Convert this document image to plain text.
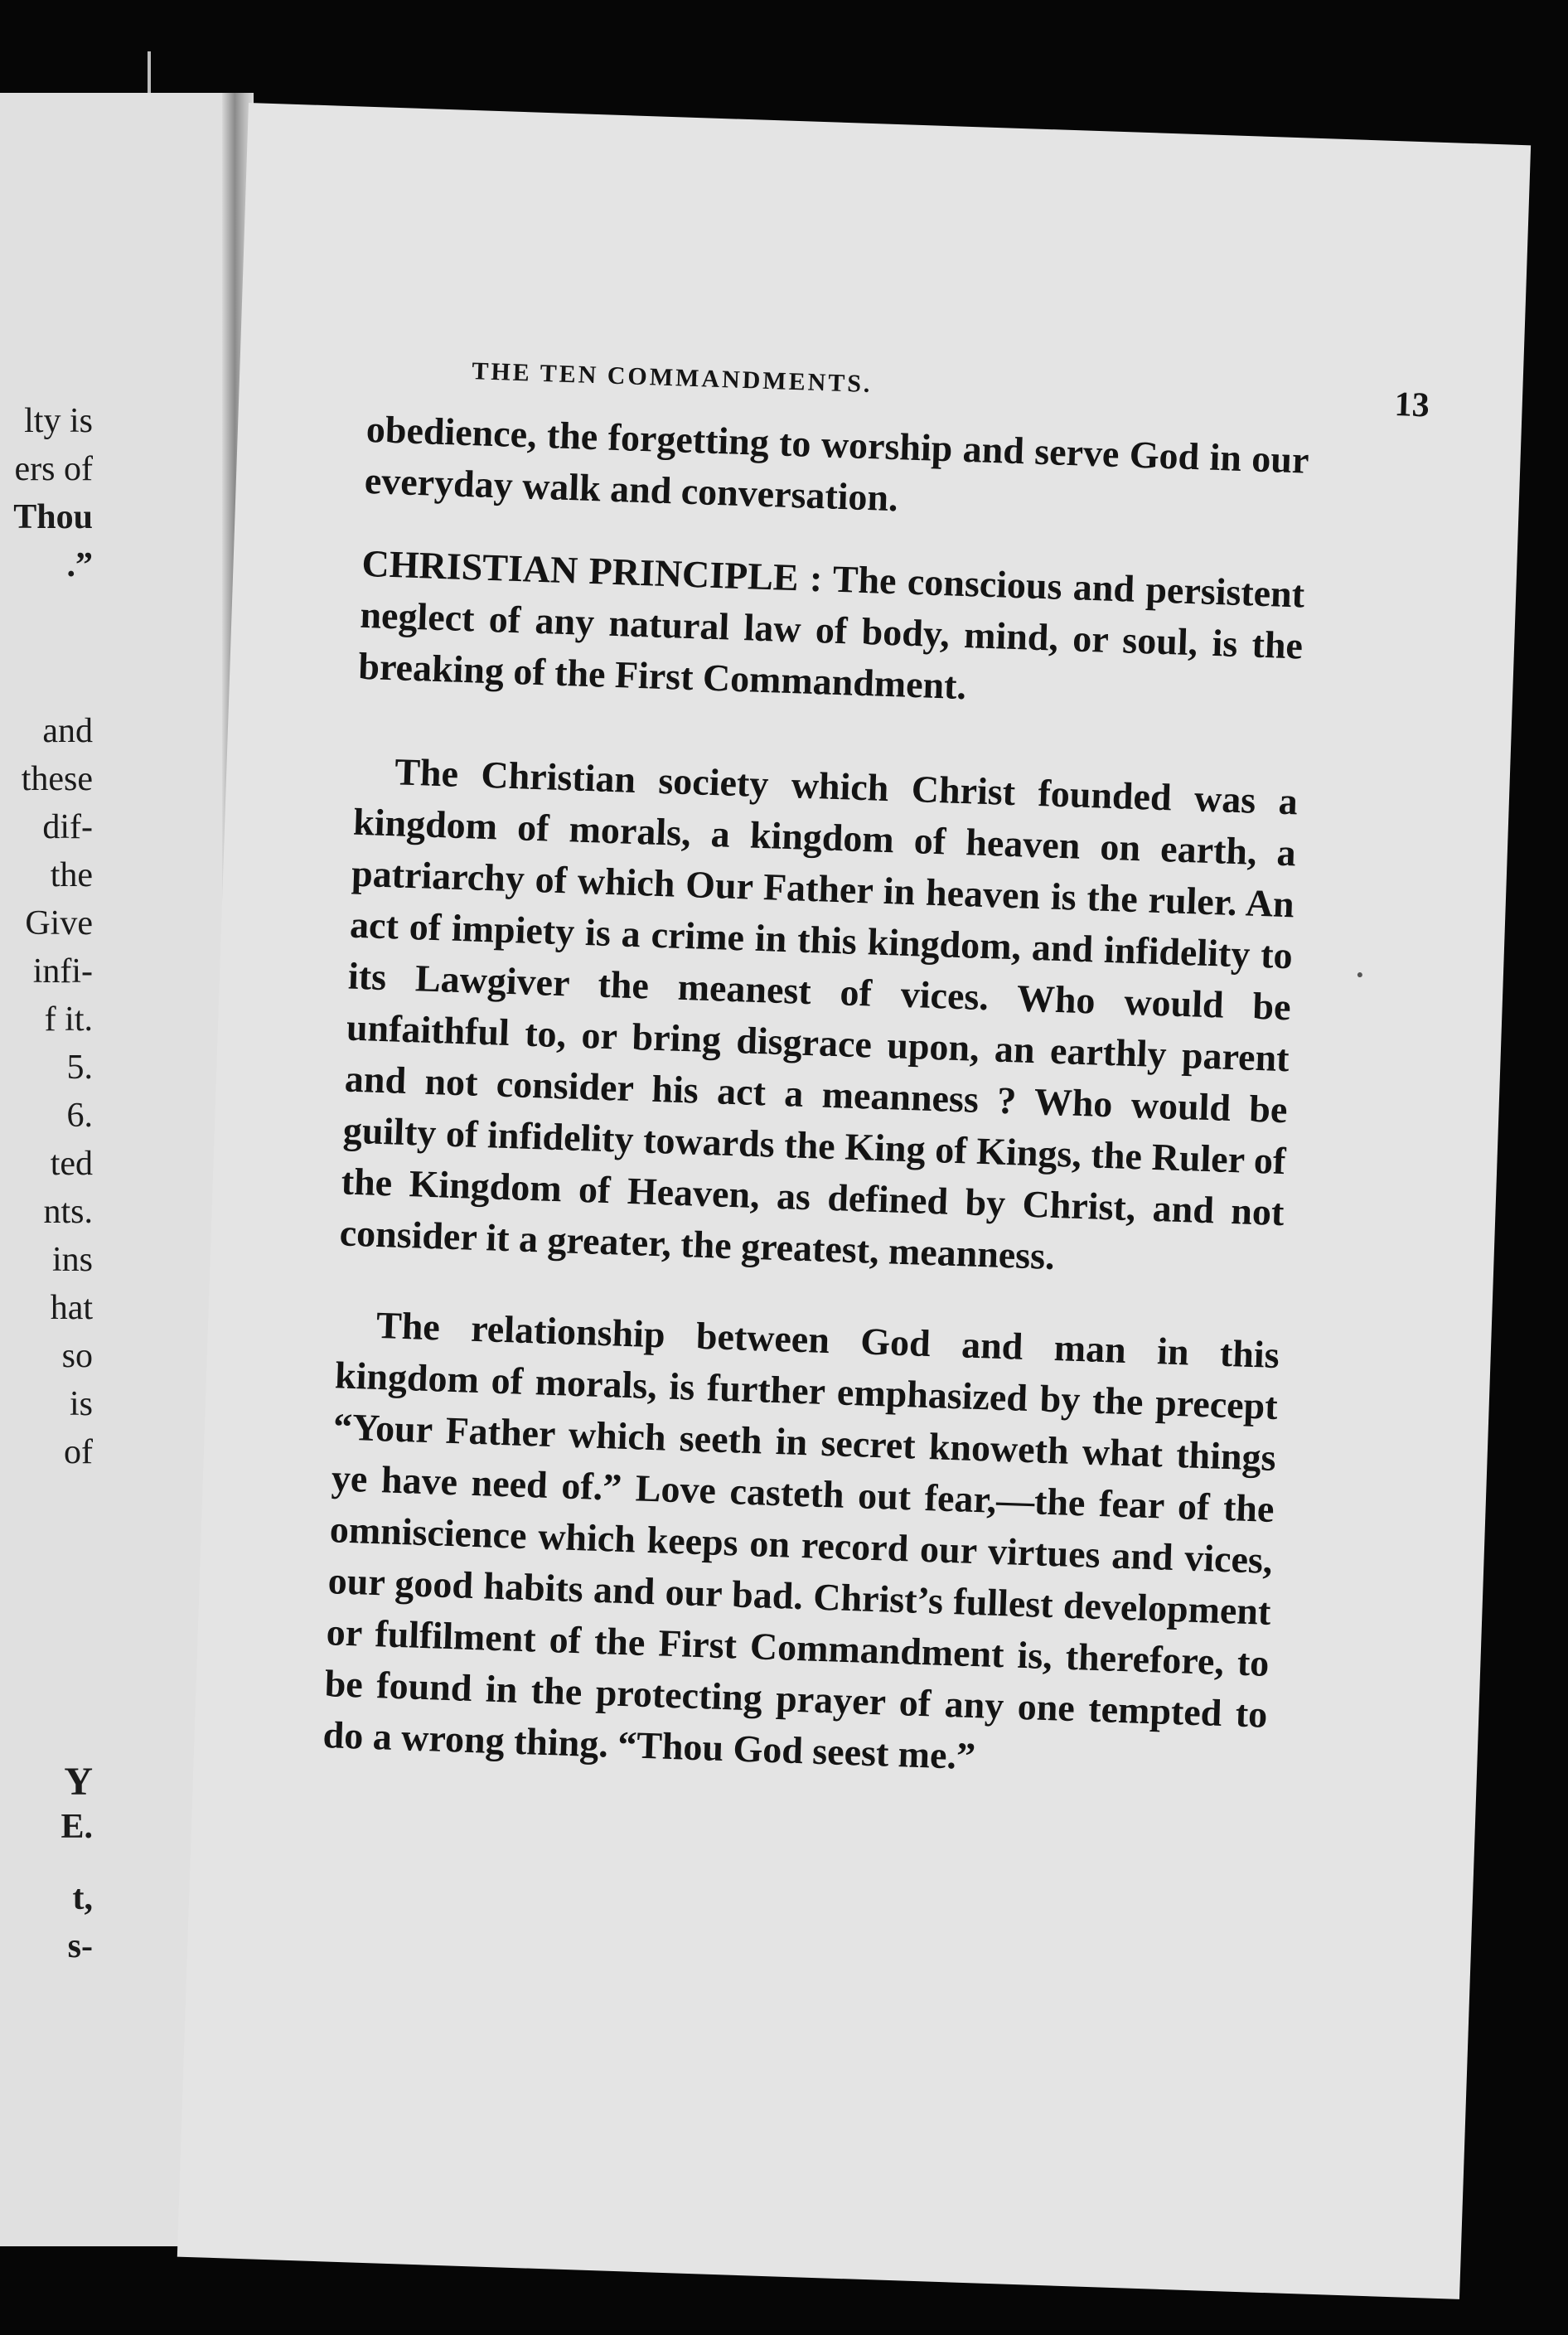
lty is

ers of

Thou

.”

and

these

dif-

the

Give

infi-

f it.

5.

6.

ted

nts.

ins

hat

so

is

of

Y

E.

t,

s-

THE TEN COMMANDMENTS.

13

obedience, the forgetting to worship and serve God in our everyday walk and conversation.

CHRISTIAN PRINCIPLE : The conscious and persistent neglect of any natural law of body, mind, or soul, is the breaking of the First Commandment.

The Christian society which Christ founded was a kingdom of morals, a kingdom of heaven on earth, a patriarchy of which Our Father in heaven is the ruler. An act of impiety is a crime in this kingdom, and infidelity to its Lawgiver the meanest of vices. Who would be unfaithful to, or bring disgrace upon, an earthly parent and not consider his act a meanness ? Who would be guilty of infidelity towards the King of Kings, the Ruler of the Kingdom of Heaven, as defined by Christ, and not consider it a greater, the greatest, meanness.

The relationship between God and man in this kingdom of morals, is further emphasized by the precept “Your Father which seeth in secret knoweth what things ye have need of.” Love casteth out fear,—the fear of the omniscience which keeps on record our virtues and vices, our good habits and our bad. Christ’s fullest development or fulfilment of the First Commandment is, therefore, to be found in the protecting prayer of any one tempted to do a wrong thing. “Thou God seest me.”
